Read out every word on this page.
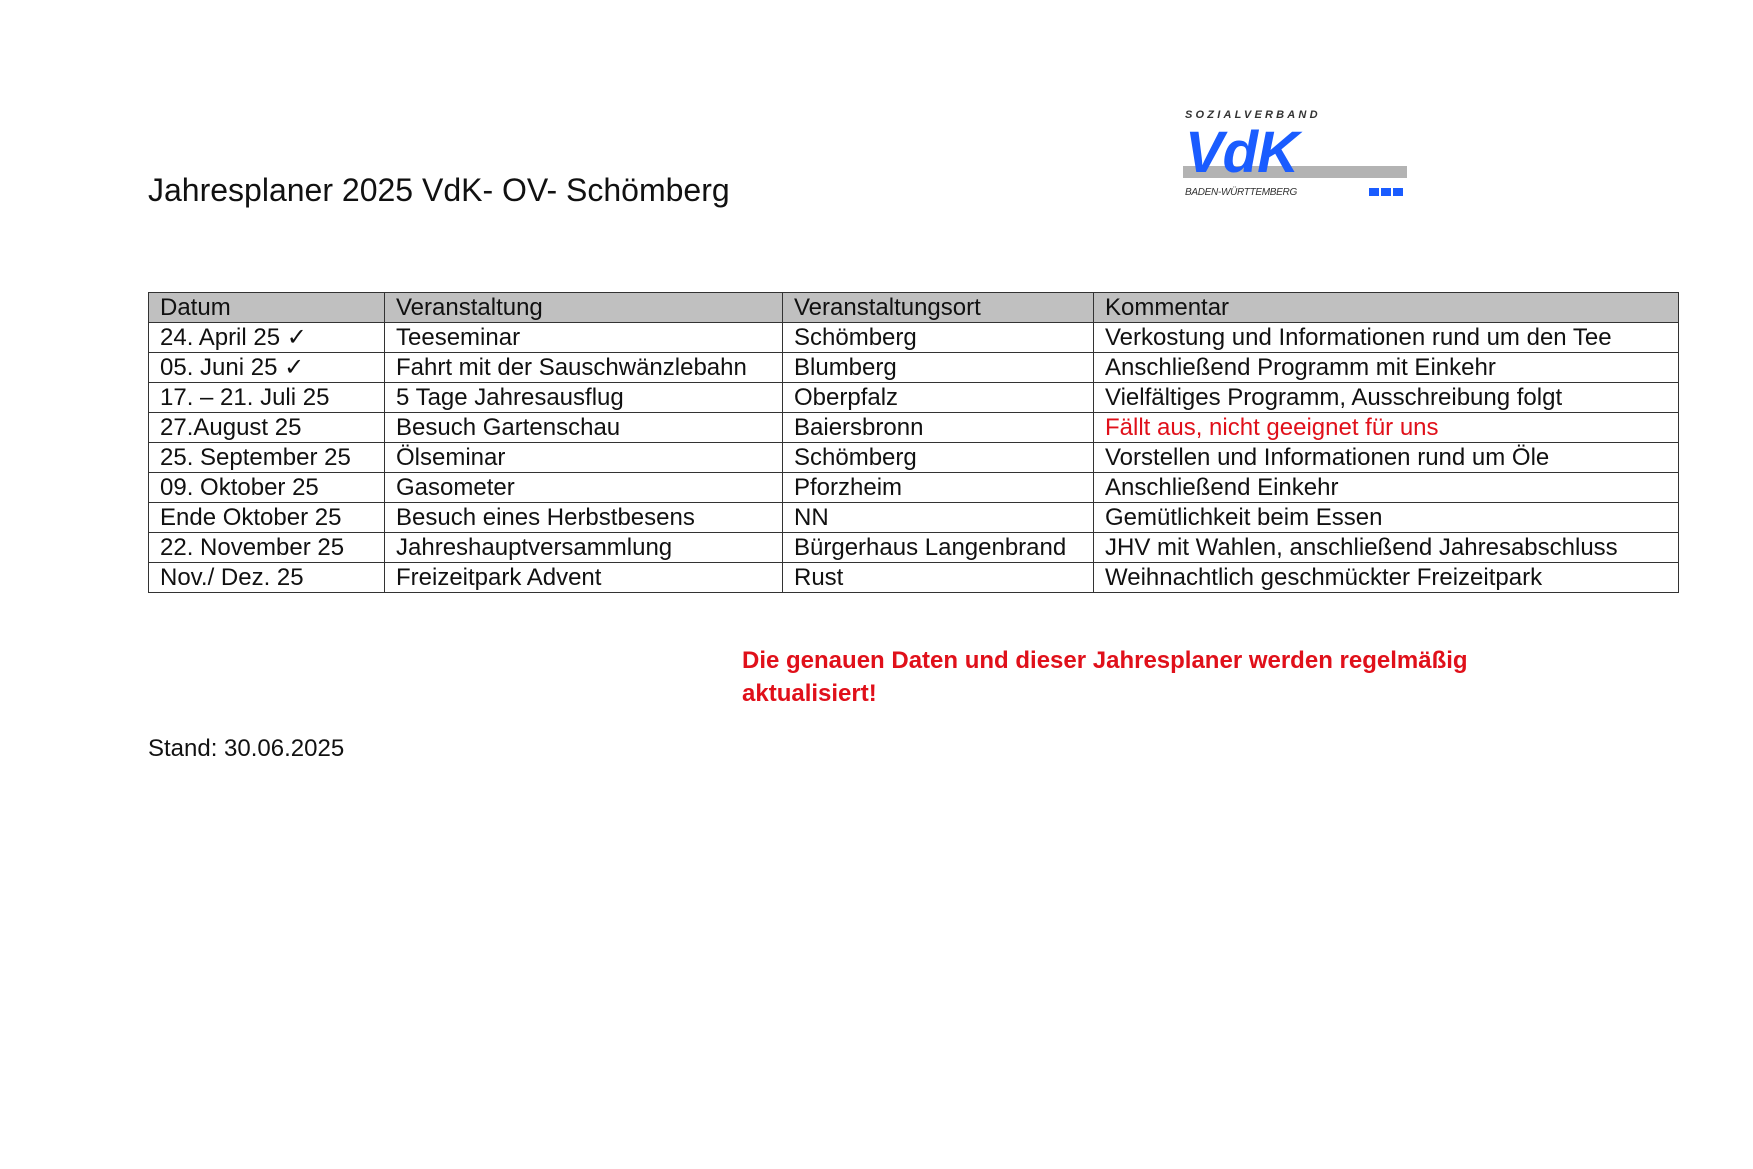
Jahresplaner 2025 VdK- OV- Schömberg
SOZIALVERBAND
VdK
BADEN-WÜRTTEMBERG
Datum	Veranstaltung	Veranstaltungsort	Kommentar
24. April 25 ✓	Teeseminar	Schömberg	Verkostung und Informationen rund um den Tee
05. Juni 25 ✓	Fahrt mit der Sauschwänzlebahn	Blumberg	Anschließend Programm mit Einkehr
17. – 21. Juli 25	5 Tage Jahresausflug	Oberpfalz	Vielfältiges Programm, Ausschreibung folgt
27.August 25	Besuch Gartenschau	Baiersbronn	Fällt aus, nicht geeignet für uns
25. September 25	Ölseminar	Schömberg	Vorstellen und Informationen rund um Öle
09. Oktober 25	Gasometer	Pforzheim	Anschließend Einkehr
Ende Oktober 25	Besuch eines Herbstbesens	NN	Gemütlichkeit beim Essen
22. November 25	Jahreshauptversammlung	Bürgerhaus Langenbrand	JHV mit Wahlen, anschließend Jahresabschluss
Nov./ Dez. 25	Freizeitpark Advent	Rust	Weihnachtlich geschmückter Freizeitpark

Die genauen Daten und dieser Jahresplaner werden regelmäßig aktualisiert!

Stand: 30.06.2025
